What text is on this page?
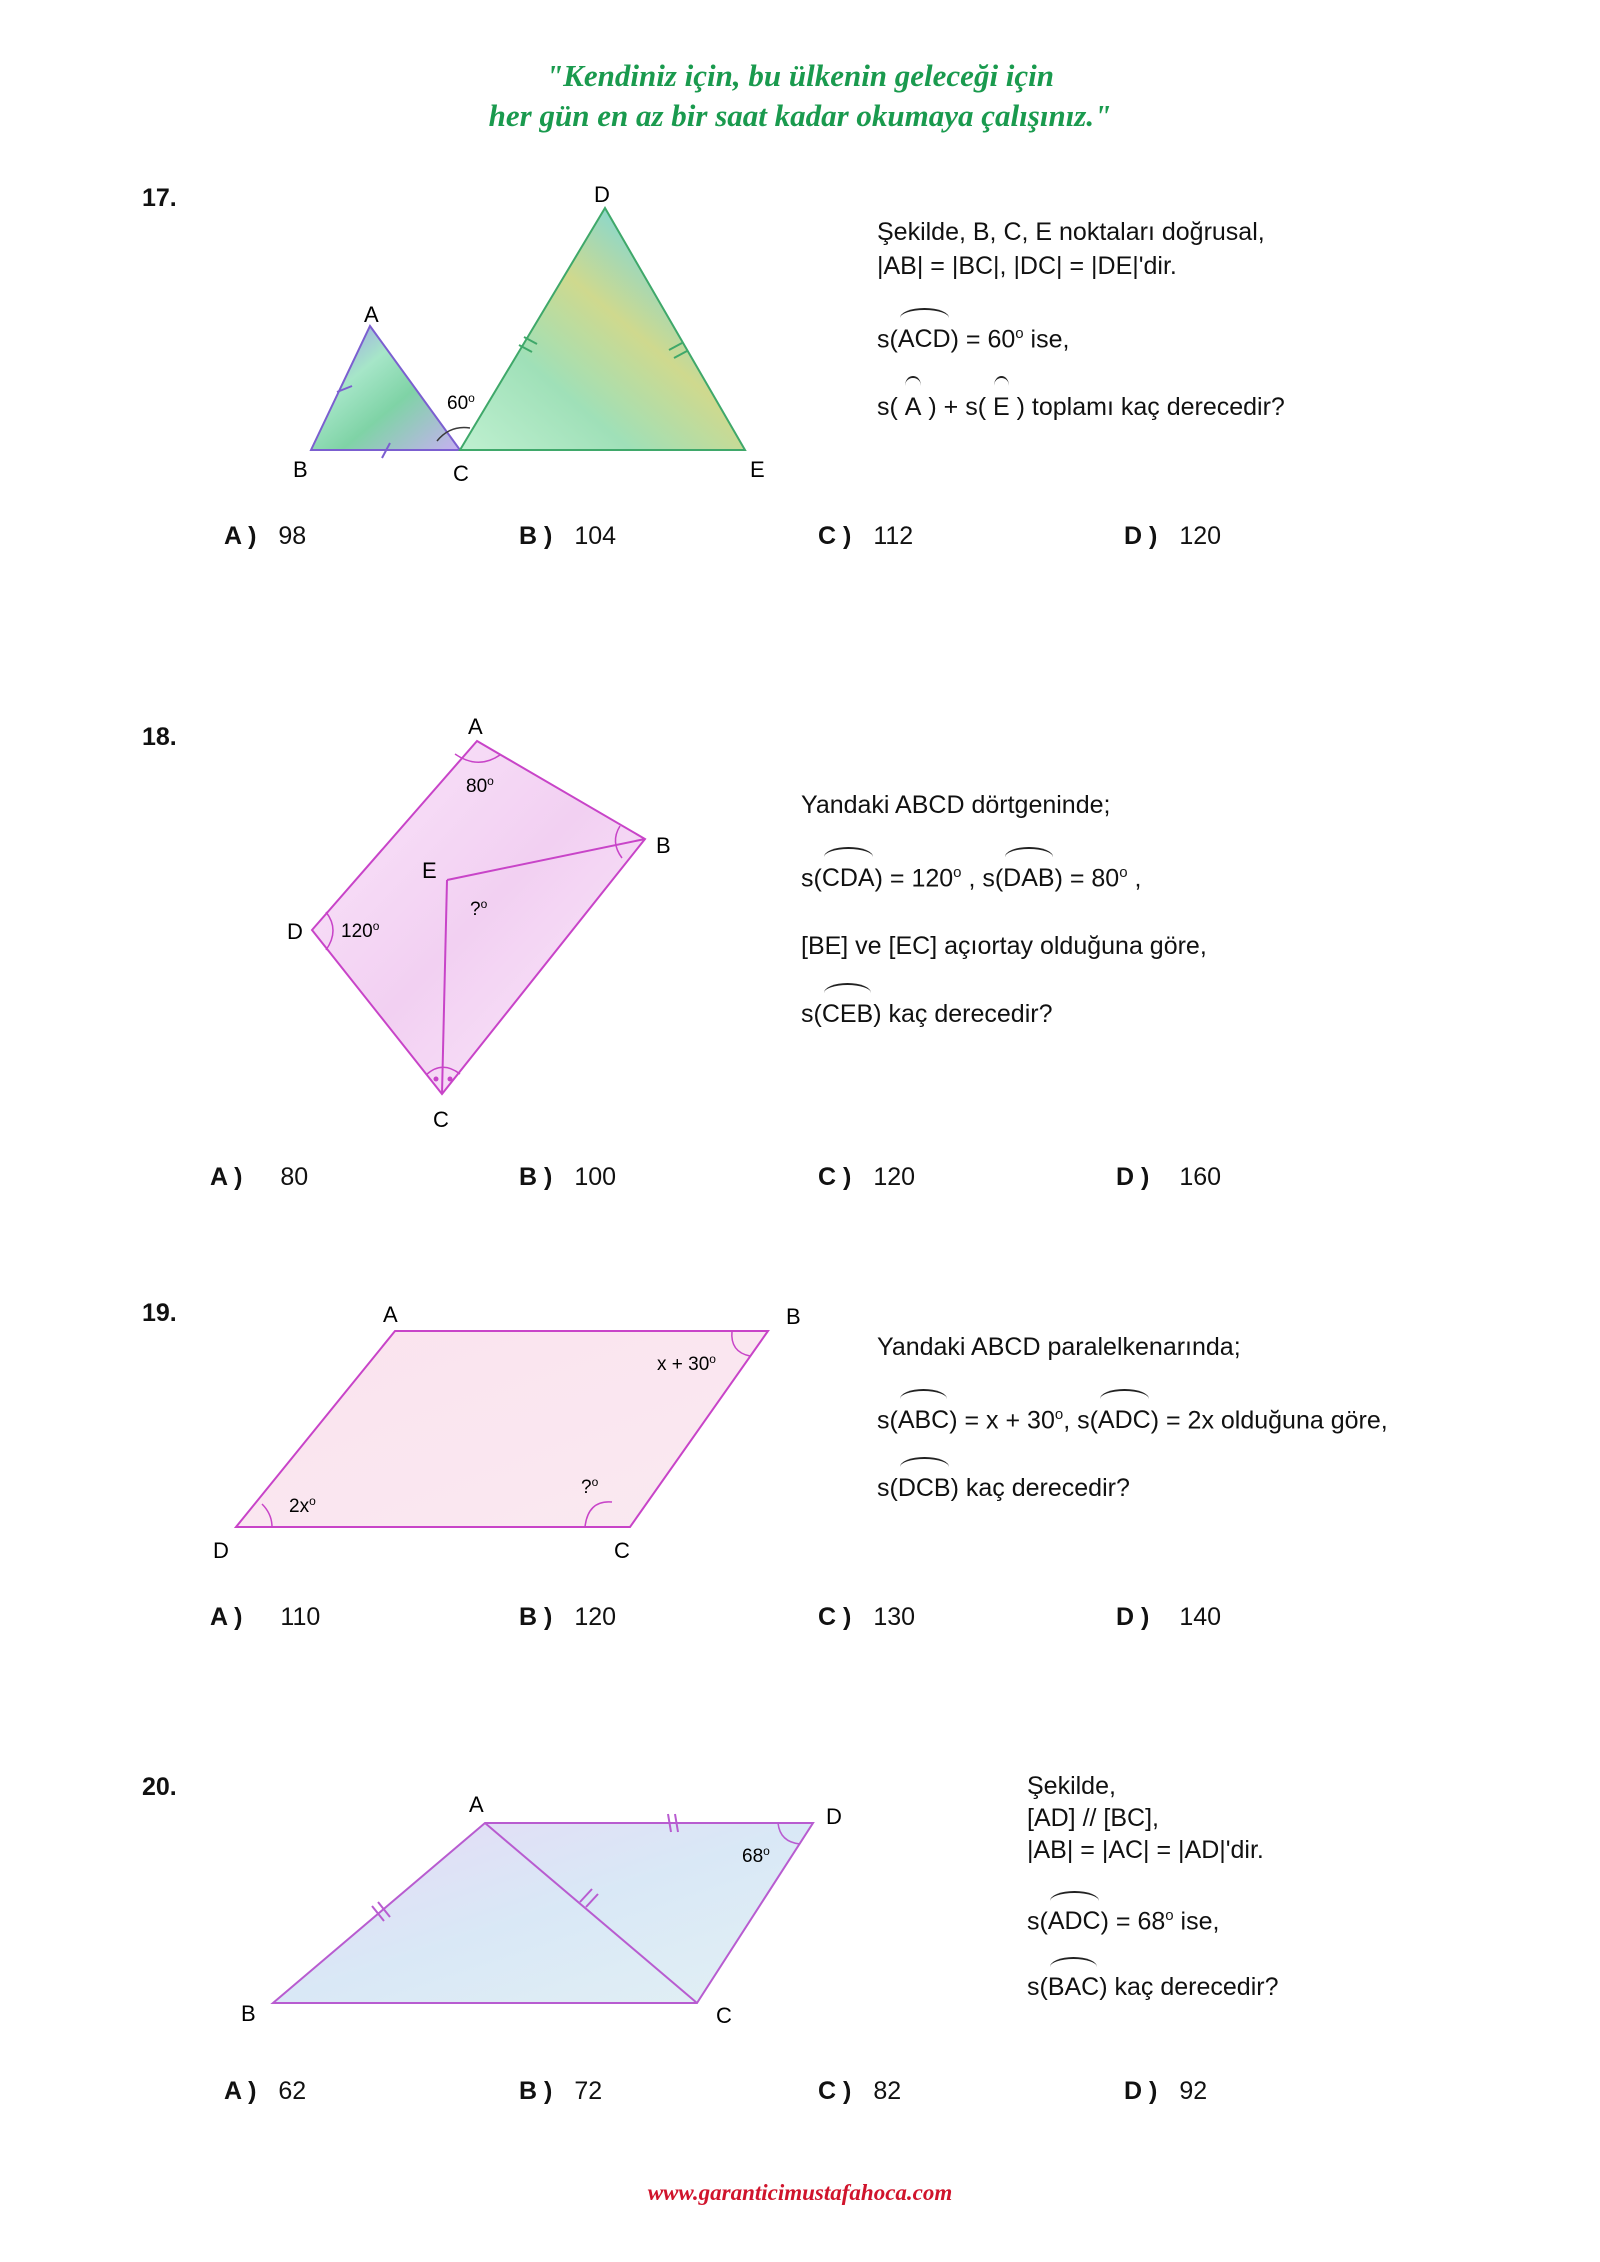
"Kendiniz için, bu ülkenin geleceği için
her gün en az bir saat kadar okumaya çalışınız."
A
B	C
D
E
60$^o$
A
B
C
D
E
80$^o$
120$^o$
?$^o$
A	B
C
D
$x + 30^o$
$2x^o$
?$^o$
A
B	C
D
68$^o$
17.
Şekilde, B, C, E noktaları doğrusal,
|AB| = |BC|, |DC| = |DE|'dir.
$s(ACD) = 60^o$ ise,
s( A ) + s( E ) toplamı kaç derecedir?
A ) 98	B ) 104	C ) 112	D ) 120
18.
Yandaki ABCD dörtgeninde;
$s(CDA) = 120^o$ , $s(DAB) = 80^o$ ,
[BE] ve [EC] açıortay olduğuna göre,
s(CEB) kaç derecedir?
A ) 80	B ) 100	C ) 120	D ) 160
19.
Yandaki ABCD paralelkenarında;
$s(ABC) = x + 30^o$, s(ADC) = 2x olduğuna göre,
s(DCB) kaç derecedir?
A ) 110	B ) 120	C ) 130	D ) 140
20.	Şekilde,
[AD] // [BC],
|AB| = |AC| = |AD|'dir.
$s(ADC) = 68^o$ ise,
s(BAC) kaç derecedir?
A ) 62	B ) 72	C ) 82	D ) 92
www.garanticimustafahoca.com
